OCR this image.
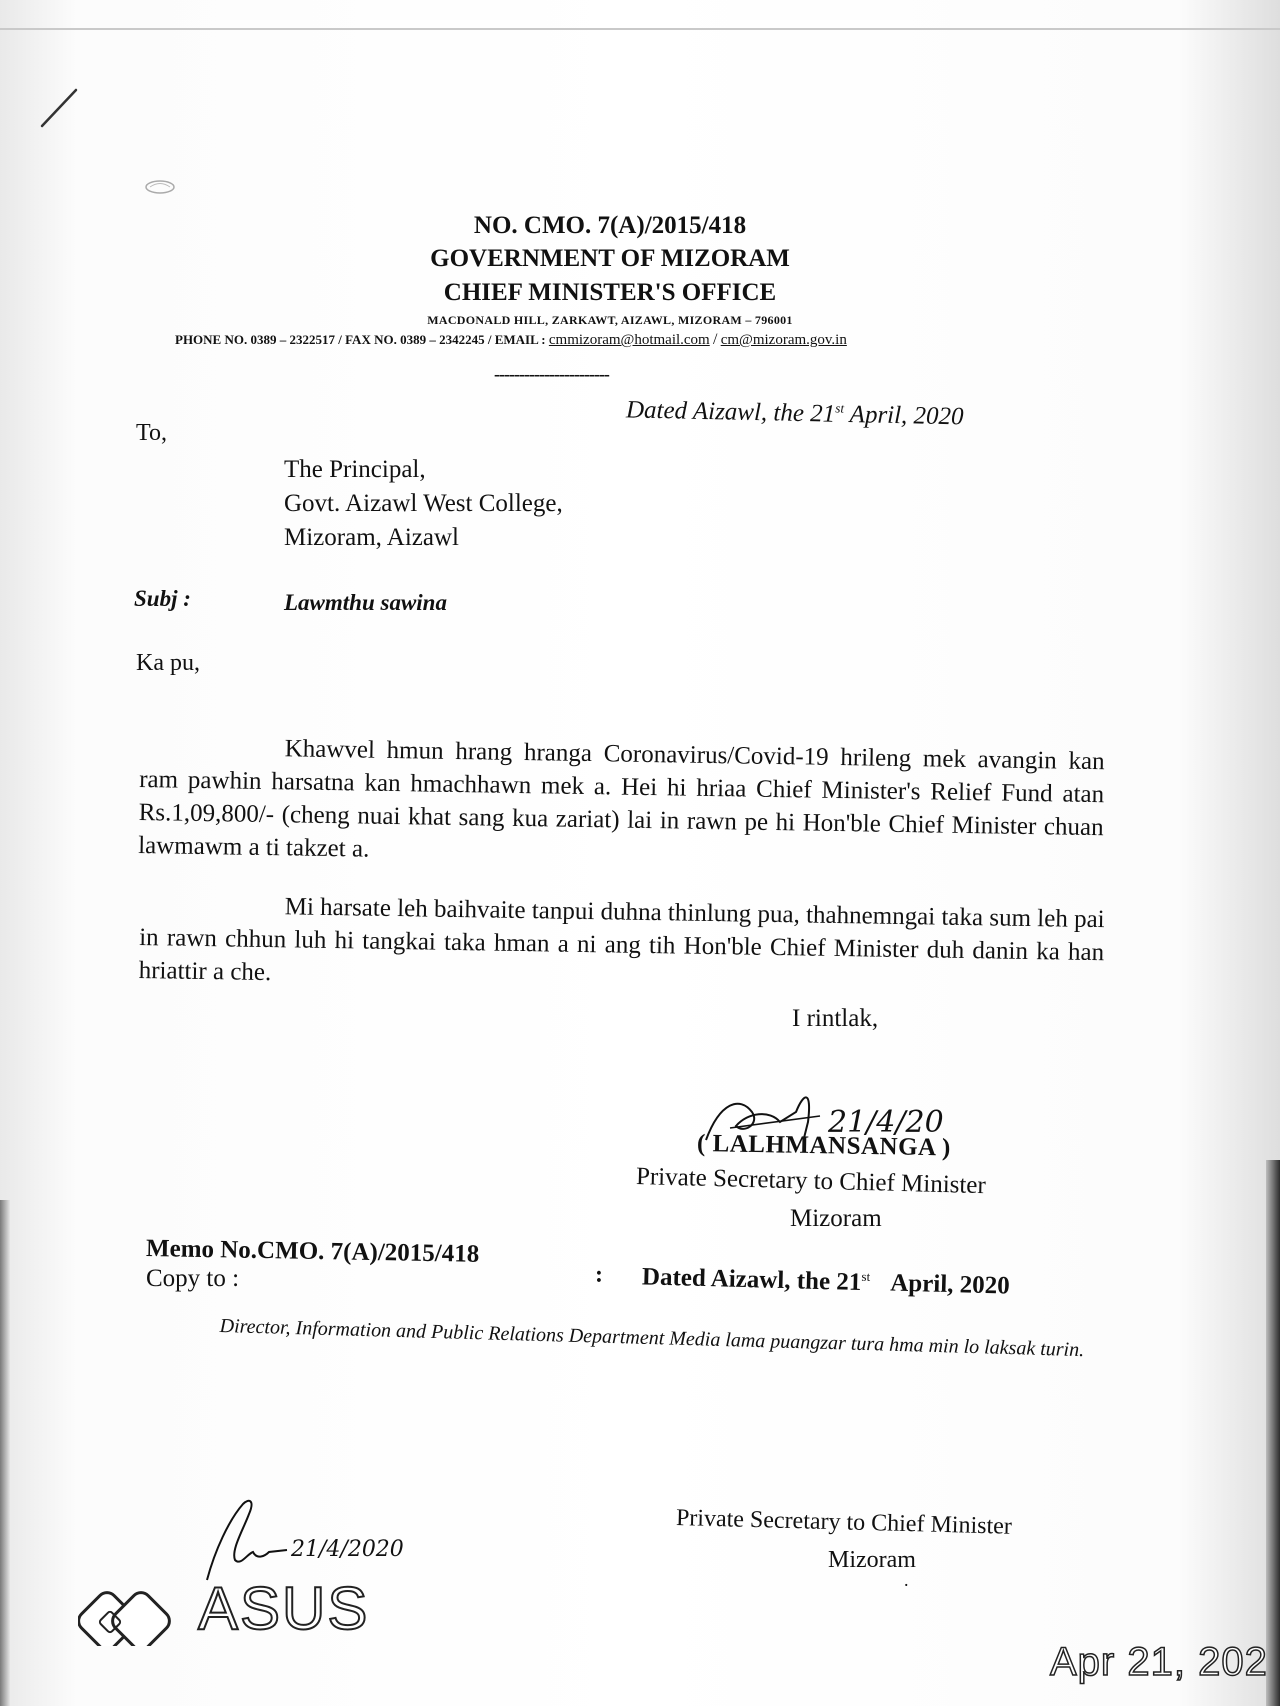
NO. CMO. 7(A)/2015/418
GOVERNMENT OF MIZORAM
CHIEF MINISTER'S OFFICE
MACDONALD HILL, ZARKAWT, AIZAWL, MIZORAM – 796001
PHONE NO. 0389 – 2322517 / FAX NO. 0389 – 2342245 / EMAIL : cmmizoram@hotmail.com / cm@mizoram.gov.in
-----------------------
Dated Aizawl, the 21st April, 2020
To,
The Principal,
Govt. Aizawl West College,
Mizoram, Aizawl
Subj :	Lawmthu sawina
Ka pu,
Khawvel hmun hrang hranga Coronavirus/Covid-19 hrileng mek avangin kan ram pawhin harsatna kan hmachhawn mek a. Hei hi hriaa Chief Minister's Relief Fund atan Rs.1,09,800/- (cheng nuai khat sang kua zariat) lai in rawn pe hi Hon'ble Chief Minister chuan lawmawm a ti takzet a.
Mi harsate leh baihvaite tanpui duhna thinlung pua, thahnemngai taka sum leh pai in rawn chhun luh hi tangkai taka hman a ni ang tih Hon'ble Chief Minister duh danin ka han hriattir a che.
I rintlak,
21/4/20
( LALHMANSANGA )
Private Secretary to Chief Minister
Mizoram
Memo No.CMO. 7(A)/2015/418
Copy to :	: Dated Aizawl, the 21st April, 2020
Director, Information and Public Relations Department Media lama puangzar tura hma min lo laksak turin.
21/4/2020
Private Secretary to Chief Minister
Mizoram
.
ASUS
Apr 21, 202
